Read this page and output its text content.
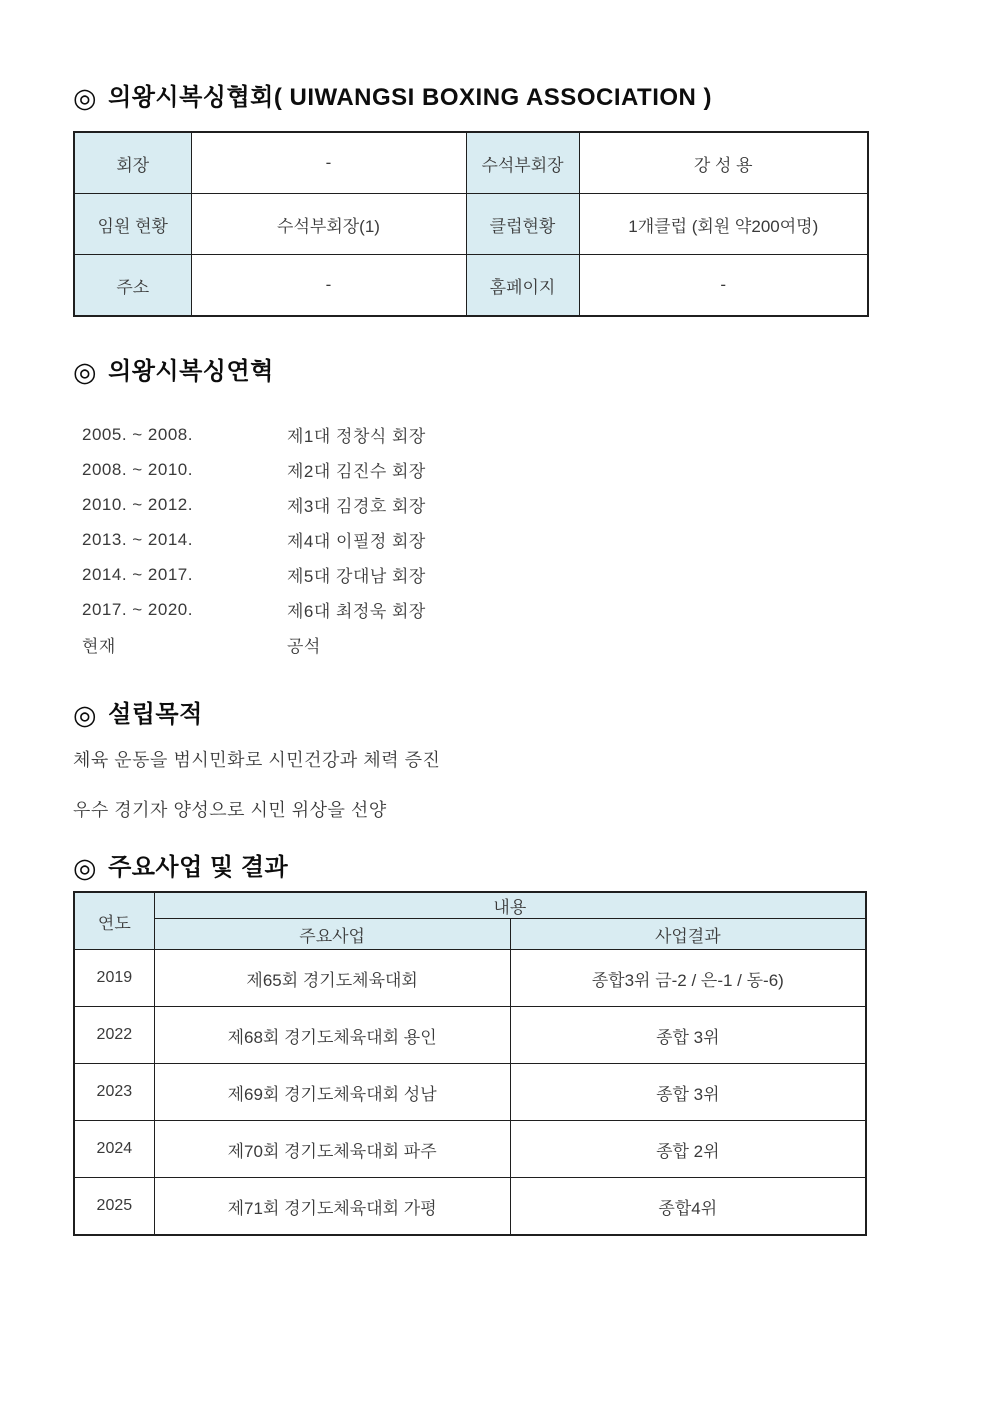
◎ 의왕시복싱협회( UIWANGSI BOXING ASSOCIATION )
회장	-	수석부회장	강 성 용
임원 현황	수석부회장(1)	클럽현황	1개클럽 (회원 약200여명)
주소	-	홈페이지	-
◎ 의왕시복싱연혁
2005. ~ 2008.	제1대 정창식 회장
2008. ~ 2010.	제2대 김진수 회장
2010. ~ 2012.	제3대 김경호 회장
2013. ~ 2014.	제4대 이필정 회장
2014. ~ 2017.	제5대 강대남 회장
2017. ~ 2020.	제6대 최정욱 회장
현재	공석
◎ 설립목적

체육 운동을 범시민화로 시민건강과 체력 증진

우수 경기자 양성으로 시민 위상을 선양

◎ 주요사업 및 결과
연도	내용	
	주요사업	사업결과
2019	제65회 경기도체육대회	종합3위 금-2 / 은-1 / 동-6)
2022	제68회 경기도체육대회 용인	종합 3위
2023	제69회 경기도체육대회 성남	종합 3위
2024	제70회 경기도체육대회 파주	종합 2위
2025	제71회 경기도체육대회 가평	종합4위
